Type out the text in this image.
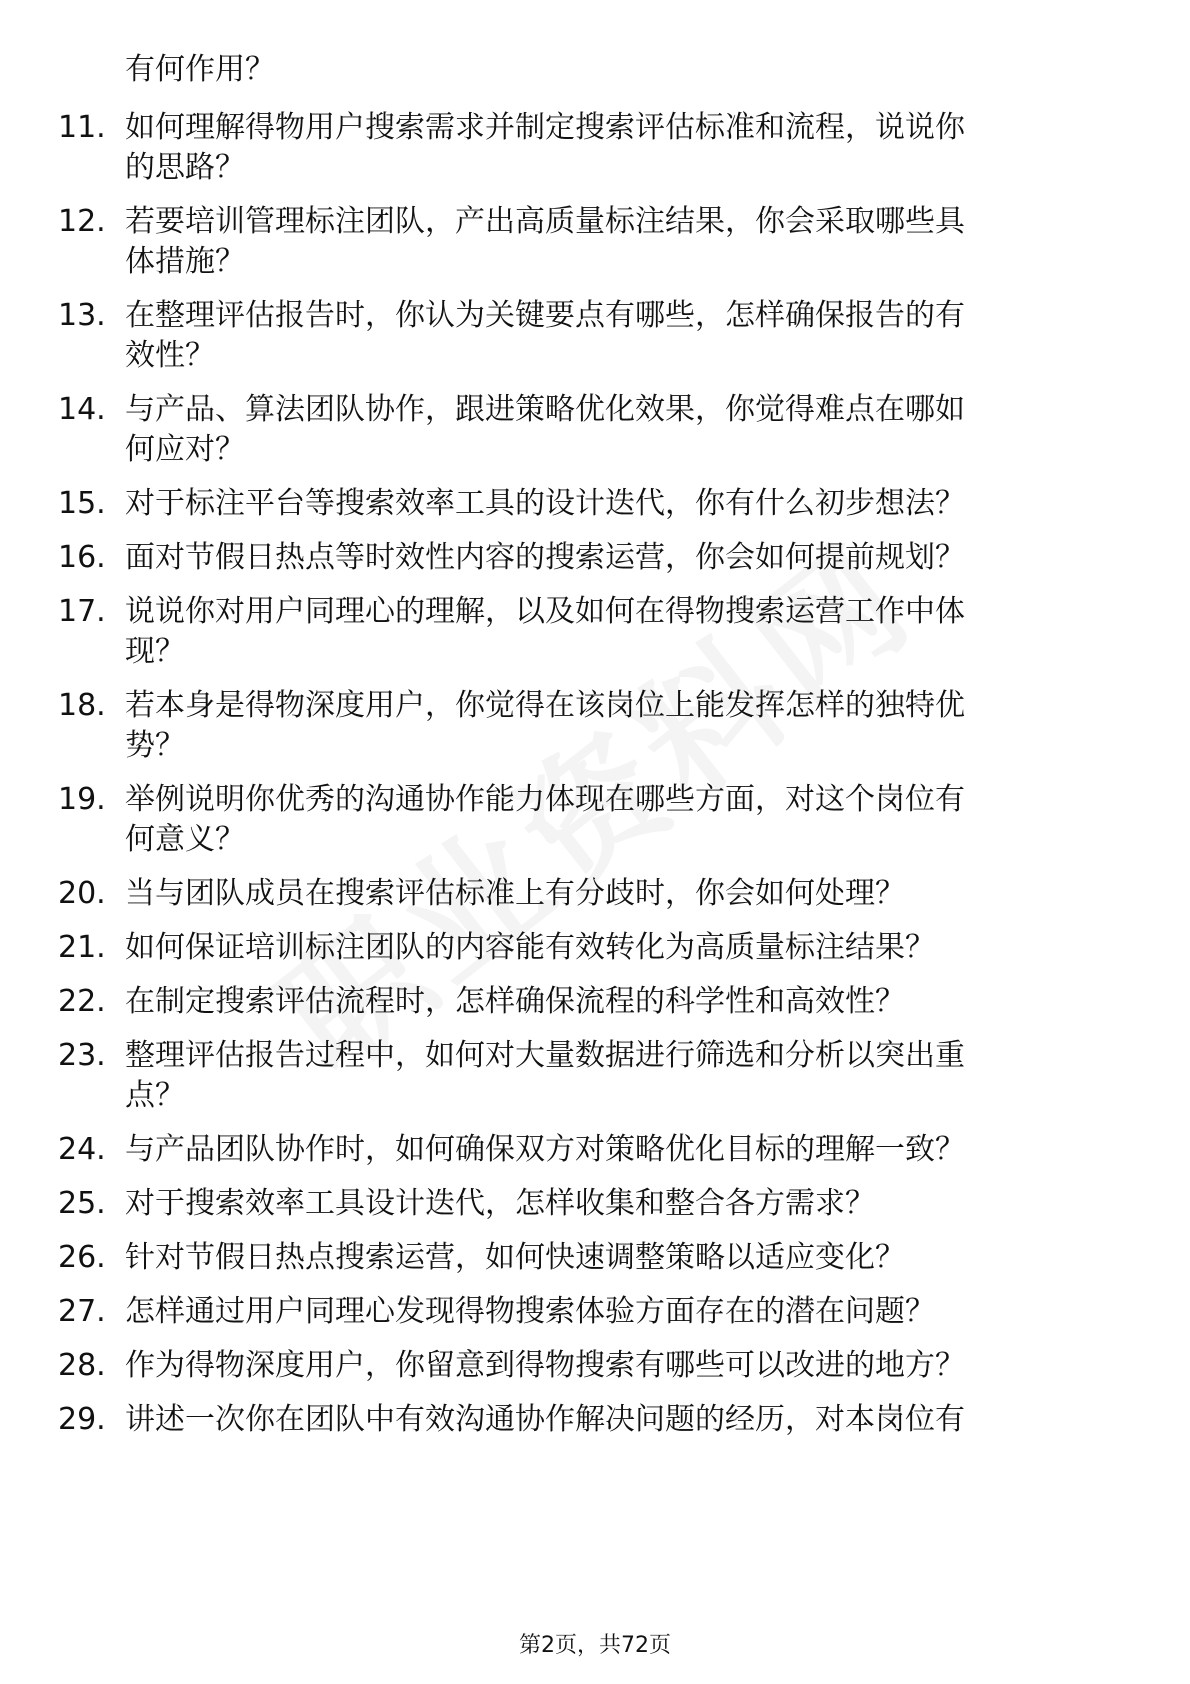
有何作用？
11. 如何理解得物用户搜索需求并制定搜索评估标准和流程，说说你
的思路？
12. 若要培训管理标注团队，产出高质量标注结果，你会采取哪些具
体措施？
13. 在整理评估报告时，你认为关键要点有哪些，怎样确保报告的有
效性？
14. 与产品、算法团队协作，跟进策略优化效果，你觉得难点在哪如
何应对？
15. 对于标注平台等搜索效率工具的设计迭代，你有什么初步想法？
16. 面对节假日热点等时效性内容的搜索运营，你会如何提前规划？
17. 说说你对用户同理心的理解，以及如何在得物搜索运营工作中体
现？
18. 若本身是得物深度用户，你觉得在该岗位上能发挥怎样的独特优
势？
19. 举例说明你优秀的沟通协作能力体现在哪些方面，对这个岗位有
何意义？
20. 当与团队成员在搜索评估标准上有分歧时，你会如何处理？
21. 如何保证培训标注团队的内容能有效转化为高质量标注结果？
22. 在制定搜索评估流程时，怎样确保流程的科学性和高效性？
23. 整理评估报告过程中，如何对大量数据进行筛选和分析以突出重
点？
24. 与产品团队协作时，如何确保双方对策略优化目标的理解一致？
25. 对于搜索效率工具设计迭代，怎样收集和整合各方需求？
26. 针对节假日热点搜索运营，如何快速调整策略以适应变化？
27. 怎样通过用户同理心发现得物搜索体验方面存在的潜在问题？
28. 作为得物深度用户，你留意到得物搜索有哪些可以改进的地方？
29. 讲述一次你在团队中有效沟通协作解决问题的经历，对本岗位有
第2页，共72页
